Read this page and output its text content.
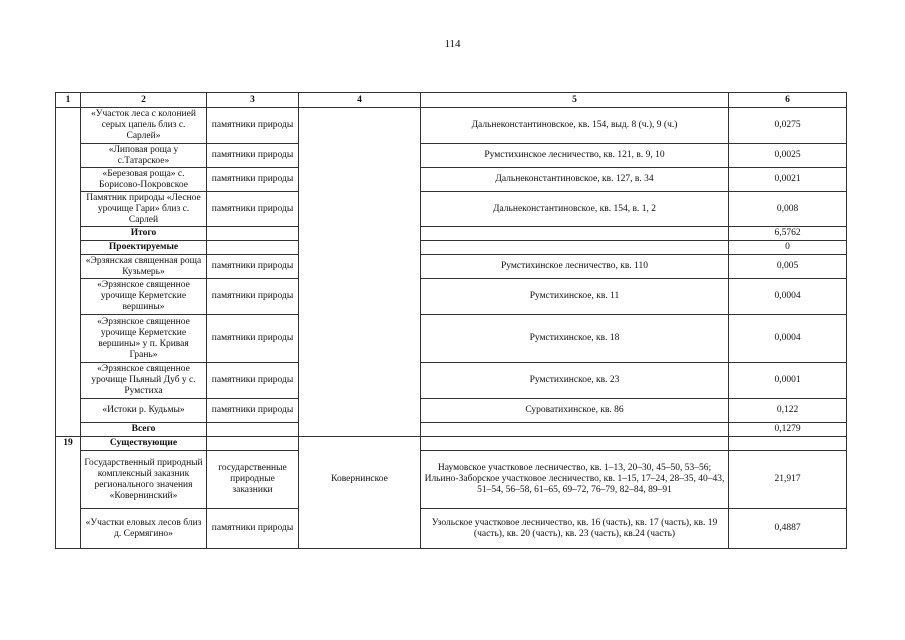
114
1	2	3	4	5	6
	«Участок леса с колонией серых цапель близ с. Сарлей»	памятники природы		Дальнеконстантиновское, кв. 154, выд. 8 (ч.), 9 (ч.)	0,0275
	«Липовая роща у с.Татарское»	памятники природы		Румстихинское лесничество, кв. 121, в. 9, 10	0,0025
	«Березовая роща» с. Борисово-Покровское	памятники природы		Дальнеконстантиновское, кв. 127, в. 34	0,0021
	Памятник природы «Лесное урочище Гари» близ с. Сарлей	памятники природы		Дальнеконстантиновское, кв. 154, в. 1, 2	0,008
	Итого				6,5762
	Проектируемые				0
	«Эрзянская священная роща Кузьмерь»	памятники природы		Румстихинское лесничество, кв. 110	0,005
	«Эрзянское священное урочище Керметские вершины»	памятники природы		Румстихинское, кв. 11	0,0004
	«Эрзянское священное урочище Керметские вершины» у п. Кривая Грань»	памятники природы		Румстихинское, кв. 18	0,0004
	«Эрзянское священное урочище Пьяный Дуб у с. Румстиха	памятники природы		Румстихинское, кв. 23	0,0001
	«Истоки р. Кудьмы»	памятники природы		Суроватихинское, кв. 86	0,122
	Всего				0,1279
19	Существующие				
	Государственный природный комплексный заказник регионального значения «Ковернинский»	государственные природные заказники	Ковернинское	Наумовское участковое лесничество, кв. 1–13, 20–30, 45–50, 53–56; Ильино-Заборское участковое лесничество, кв. 1–15, 17–24, 28–35, 40–43, 51–54, 56–58, 61–65, 69–72, 76–79, 82–84, 89–91	21,917
	«Участки еловых лесов близ д. Сермягино»	памятники природы		Узольское участковое лесничество, кв. 16 (часть), кв. 17 (часть), кв. 19 (часть), кв. 20 (часть), кв. 23 (часть), кв.24 (часть)	0,4887
